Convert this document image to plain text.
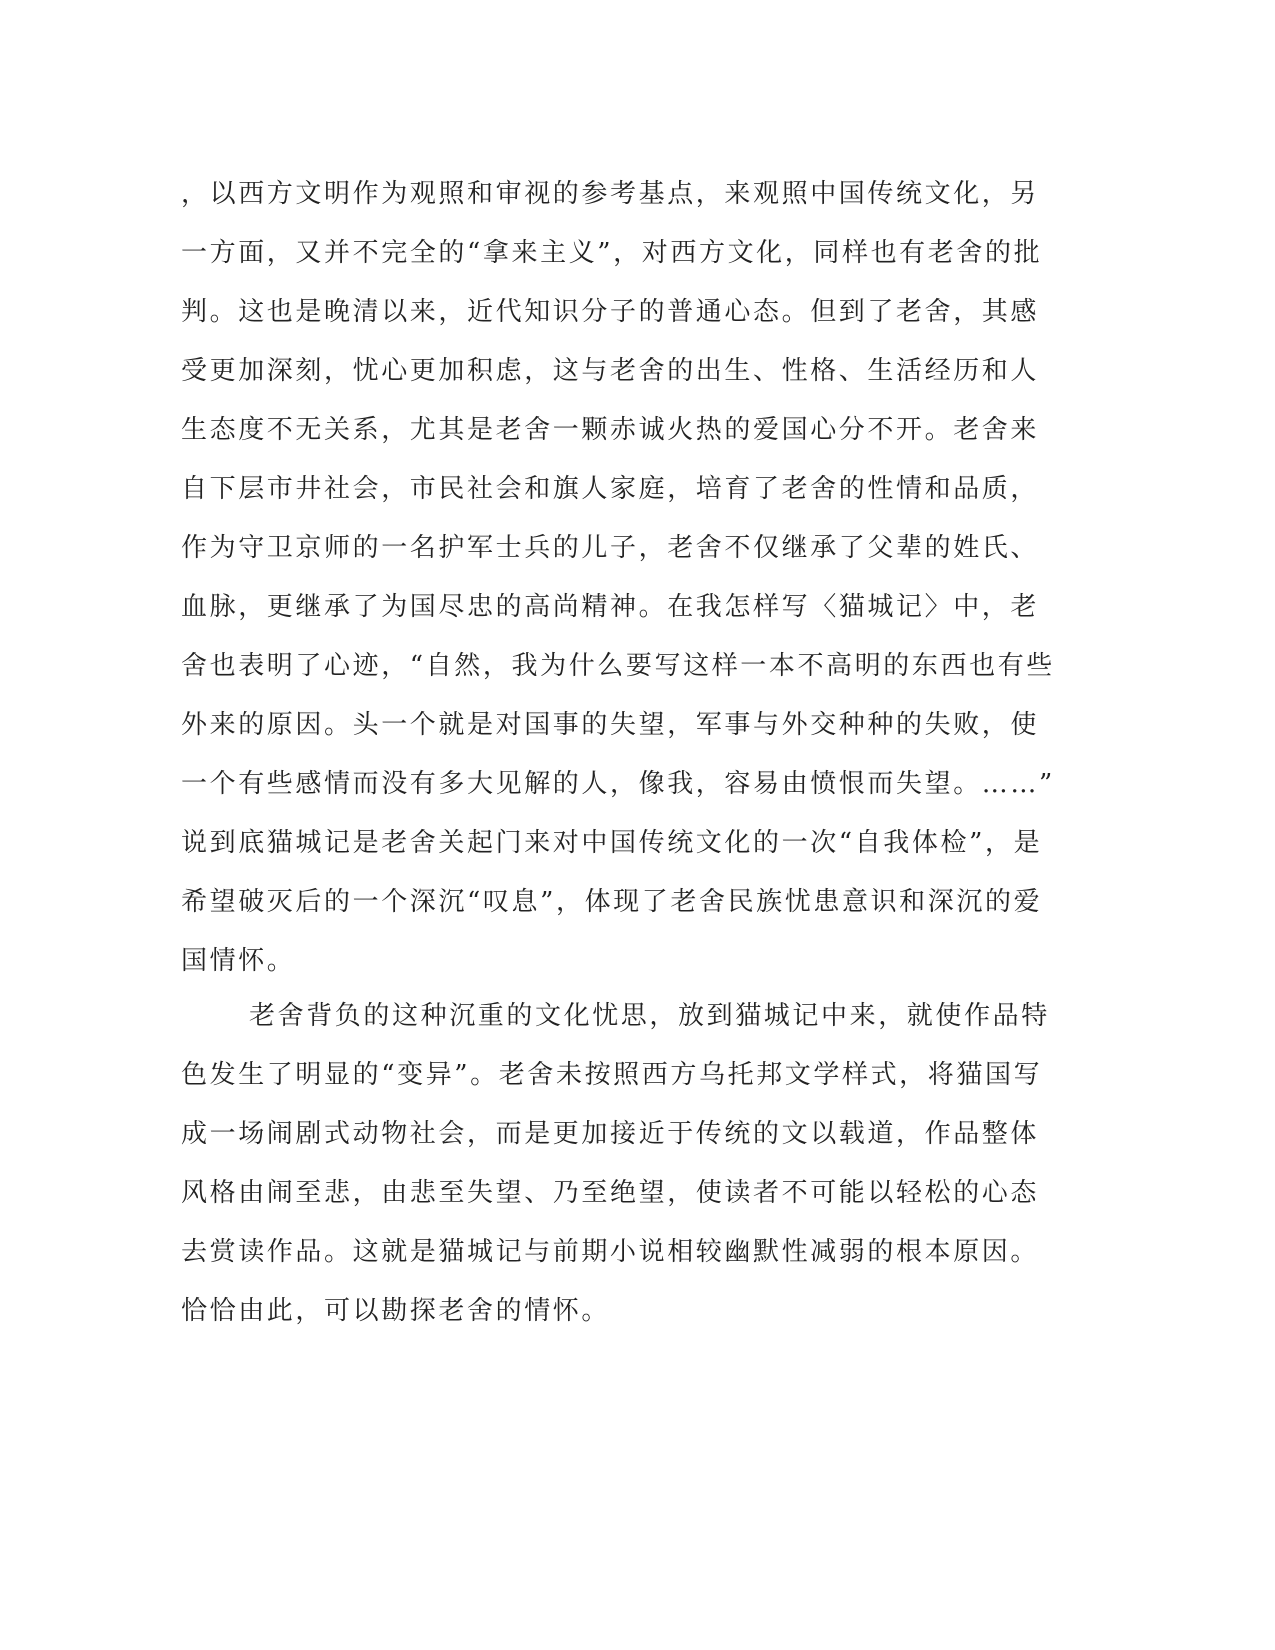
，以西方文明作为观照和审视的参考基点，来观照中国传统文化，另
一方面，又并不完全的“拿来主义”，对西方文化，同样也有老舍的批
判。这也是晚清以来，近代知识分子的普通心态。但到了老舍，其感
受更加深刻，忧心更加积虑，这与老舍的出生、性格、生活经历和人
生态度不无关系，尤其是老舍一颗赤诚火热的爱国心分不开。老舍来
自下层市井社会，市民社会和旗人家庭，培育了老舍的性情和品质，
作为守卫京师的一名护军士兵的儿子，老舍不仅继承了父辈的姓氏、
血脉，更继承了为国尽忠的高尚精神。在我怎样写〈猫城记〉中，老
舍也表明了心迹，“自然，我为什么要写这样一本不高明的东西也有些
外来的原因。头一个就是对国事的失望，军事与外交种种的失败，使
一个有些感情而没有多大见解的人，像我，容易由愤恨而失望。……”
说到底猫城记是老舍关起门来对中国传统文化的一次“自我体检”，是
希望破灭后的一个深沉“叹息”，体现了老舍民族忧患意识和深沉的爱
国情怀。
老舍背负的这种沉重的文化忧思，放到猫城记中来，就使作品特
色发生了明显的“变异”。老舍未按照西方乌托邦文学样式，将猫国写
成一场闹剧式动物社会，而是更加接近于传统的文以载道，作品整体
风格由闹至悲，由悲至失望、乃至绝望，使读者不可能以轻松的心态
去赏读作品。这就是猫城记与前期小说相较幽默性减弱的根本原因。
恰恰由此，可以勘探老舍的情怀。
